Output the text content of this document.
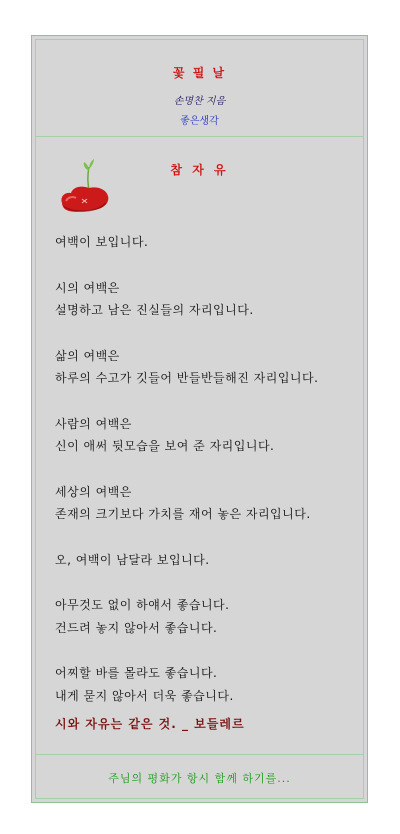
꽃 필 날
손명찬 지음
좋은생각
참 자 유
여백이 보입니다.
시의 여백은
설명하고 남은 진실들의 자리입니다.
삶의 여백은
하루의 수고가 깃들어 반들반들해진 자리입니다.
사람의 여백은
신이 애써 뒷모습을 보여 준 자리입니다.
세상의 여백은
존재의 크기보다 가치를 재어 놓은 자리입니다.
오, 여백이 남달라 보입니다.
아무것도 없이 하얘서 좋습니다.
건드려 놓지 않아서 좋습니다.
어찌할 바를 몰라도 좋습니다.
내게 묻지 않아서 더욱 좋습니다.
시와 자유는 같은 것. _ 보들레르
주님의 평화가 항시 함께 하기를...
